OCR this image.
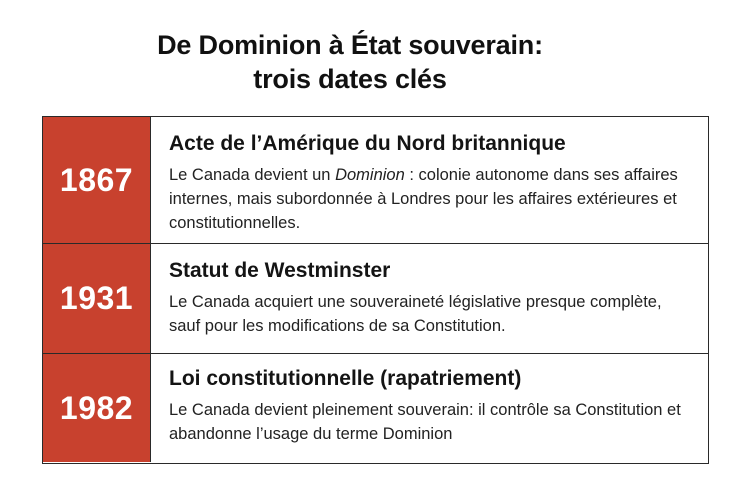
De Dominion à État souverain:
trois dates clés
1867
Acte de l’Amérique du Nord britannique
Le Canada devient un Dominion : colonie autonome dans ses affaires internes, mais subordonnée à Londres pour les affaires extérieures et constitutionnelles.
1931
Statut de Westminster
Le Canada acquiert une souveraineté législative presque complète, sauf pour les modifications de sa Constitution.
1982
Loi constitutionnelle (rapatriement)
Le Canada devient pleinement souverain: il contrôle sa Constitution et abandonne l’usage du terme Dominion
